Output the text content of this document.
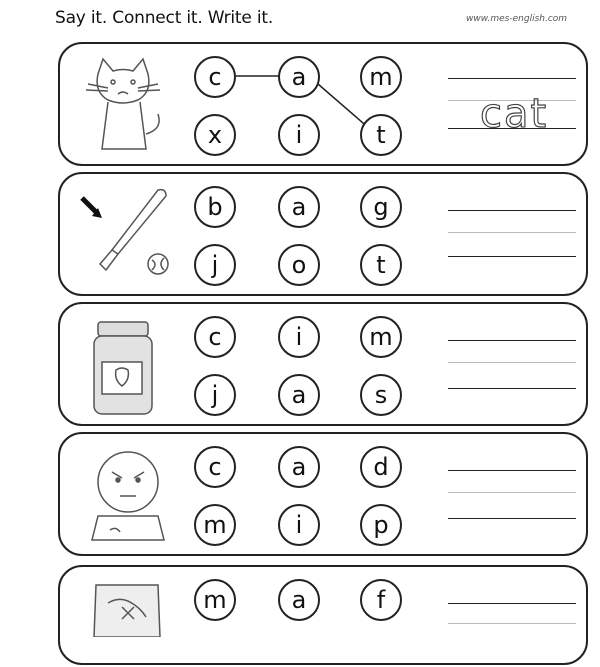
Say it. Connect it. Write it.	www.mes-english.com
c	a	m
x	i	t	cat
b	a	g
j	o	t
c	i	m
j	a	s
c	a	d
m	i	p
m	a	f
